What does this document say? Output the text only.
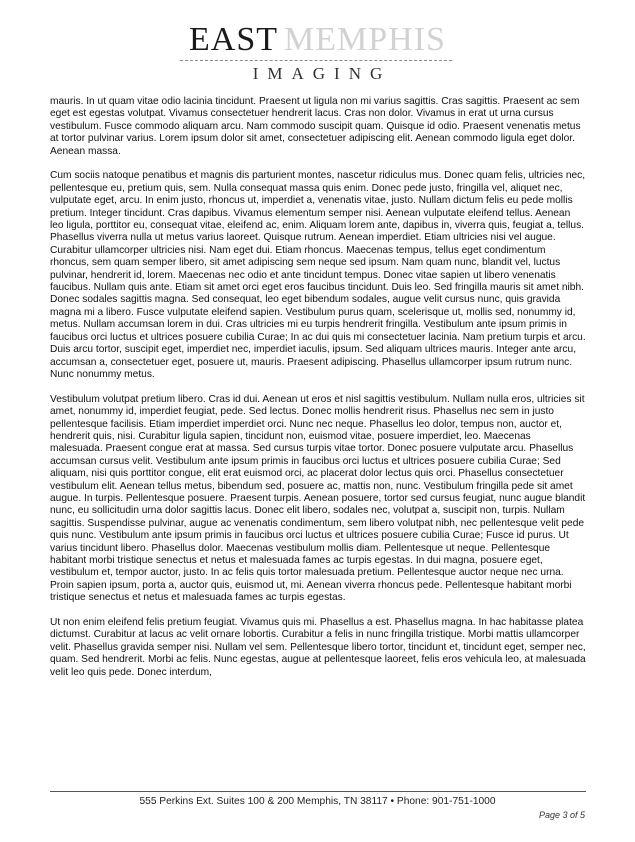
EAST MEMPHIS
IMAGING

mauris. In ut quam vitae odio lacinia tincidunt. Praesent ut ligula non mi varius sagittis. Cras sagittis. Praesent ac sem eget est egestas volutpat. Vivamus consectetuer hendrerit lacus. Cras non dolor. Vivamus in erat ut urna cursus vestibulum. Fusce commodo aliquam arcu. Nam commodo suscipit quam. Quisque id odio. Praesent venenatis metus at tortor pulvinar varius. Lorem ipsum dolor sit amet, consectetuer adipiscing elit. Aenean commodo ligula eget dolor. Aenean massa.

Cum sociis natoque penatibus et magnis dis parturient montes, nascetur ridiculus mus. Donec quam felis, ultricies nec, pellentesque eu, pretium quis, sem. Nulla consequat massa quis enim. Donec pede justo, fringilla vel, aliquet nec, vulputate eget, arcu. In enim justo, rhoncus ut, imperdiet a, venenatis vitae, justo. Nullam dictum felis eu pede mollis pretium. Integer tincidunt. Cras dapibus. Vivamus elementum semper nisi. Aenean vulputate eleifend tellus. Aenean leo ligula, porttitor eu, consequat vitae, eleifend ac, enim. Aliquam lorem ante, dapibus in, viverra quis, feugiat a, tellus. Phasellus viverra nulla ut metus varius laoreet. Quisque rutrum. Aenean imperdiet. Etiam ultricies nisi vel augue. Curabitur ullamcorper ultricies nisi. Nam eget dui. Etiam rhoncus. Maecenas tempus, tellus eget condimentum rhoncus, sem quam semper libero, sit amet adipiscing sem neque sed ipsum. Nam quam nunc, blandit vel, luctus pulvinar, hendrerit id, lorem. Maecenas nec odio et ante tincidunt tempus. Donec vitae sapien ut libero venenatis faucibus. Nullam quis ante. Etiam sit amet orci eget eros faucibus tincidunt. Duis leo. Sed fringilla mauris sit amet nibh. Donec sodales sagittis magna. Sed consequat, leo eget bibendum sodales, augue velit cursus nunc, quis gravida magna mi a libero. Fusce vulputate eleifend sapien. Vestibulum purus quam, scelerisque ut, mollis sed, nonummy id, metus. Nullam accumsan lorem in dui. Cras ultricies mi eu turpis hendrerit fringilla. Vestibulum ante ipsum primis in faucibus orci luctus et ultrices posuere cubilia Curae; In ac dui quis mi consectetuer lacinia. Nam pretium turpis et arcu. Duis arcu tortor, suscipit eget, imperdiet nec, imperdiet iaculis, ipsum. Sed aliquam ultrices mauris. Integer ante arcu, accumsan a, consectetuer eget, posuere ut, mauris. Praesent adipiscing. Phasellus ullamcorper ipsum rutrum nunc. Nunc nonummy metus.

Vestibulum volutpat pretium libero. Cras id dui. Aenean ut eros et nisl sagittis vestibulum. Nullam nulla eros, ultricies sit amet, nonummy id, imperdiet feugiat, pede. Sed lectus. Donec mollis hendrerit risus. Phasellus nec sem in justo pellentesque facilisis. Etiam imperdiet imperdiet orci. Nunc nec neque. Phasellus leo dolor, tempus non, auctor et, hendrerit quis, nisi. Curabitur ligula sapien, tincidunt non, euismod vitae, posuere imperdiet, leo. Maecenas malesuada. Praesent congue erat at massa. Sed cursus turpis vitae tortor. Donec posuere vulputate arcu. Phasellus accumsan cursus velit. Vestibulum ante ipsum primis in faucibus orci luctus et ultrices posuere cubilia Curae; Sed aliquam, nisi quis porttitor congue, elit erat euismod orci, ac placerat dolor lectus quis orci. Phasellus consectetuer vestibulum elit. Aenean tellus metus, bibendum sed, posuere ac, mattis non, nunc. Vestibulum fringilla pede sit amet augue. In turpis. Pellentesque posuere. Praesent turpis. Aenean posuere, tortor sed cursus feugiat, nunc augue blandit nunc, eu sollicitudin urna dolor sagittis lacus. Donec elit libero, sodales nec, volutpat a, suscipit non, turpis. Nullam sagittis. Suspendisse pulvinar, augue ac venenatis condimentum, sem libero volutpat nibh, nec pellentesque velit pede quis nunc. Vestibulum ante ipsum primis in faucibus orci luctus et ultrices posuere cubilia Curae; Fusce id purus. Ut varius tincidunt libero. Phasellus dolor. Maecenas vestibulum mollis diam. Pellentesque ut neque. Pellentesque habitant morbi tristique senectus et netus et malesuada fames ac turpis egestas. In dui magna, posuere eget, vestibulum et, tempor auctor, justo. In ac felis quis tortor malesuada pretium. Pellentesque auctor neque nec urna. Proin sapien ipsum, porta a, auctor quis, euismod ut, mi. Aenean viverra rhoncus pede. Pellentesque habitant morbi tristique senectus et netus et malesuada fames ac turpis egestas.

Ut non enim eleifend felis pretium feugiat. Vivamus quis mi. Phasellus a est. Phasellus magna. In hac habitasse platea dictumst. Curabitur at lacus ac velit ornare lobortis. Curabitur a felis in nunc fringilla tristique. Morbi mattis ullamcorper velit. Phasellus gravida semper nisi. Nullam vel sem. Pellentesque libero tortor, tincidunt et, tincidunt eget, semper nec, quam. Sed hendrerit. Morbi ac felis. Nunc egestas, augue at pellentesque laoreet, felis eros vehicula leo, at malesuada velit leo quis pede. Donec interdum,

555 Perkins Ext. Suites 100 & 200 Memphis, TN 38117 • Phone: 901-751-1000
Page 3 of 5
